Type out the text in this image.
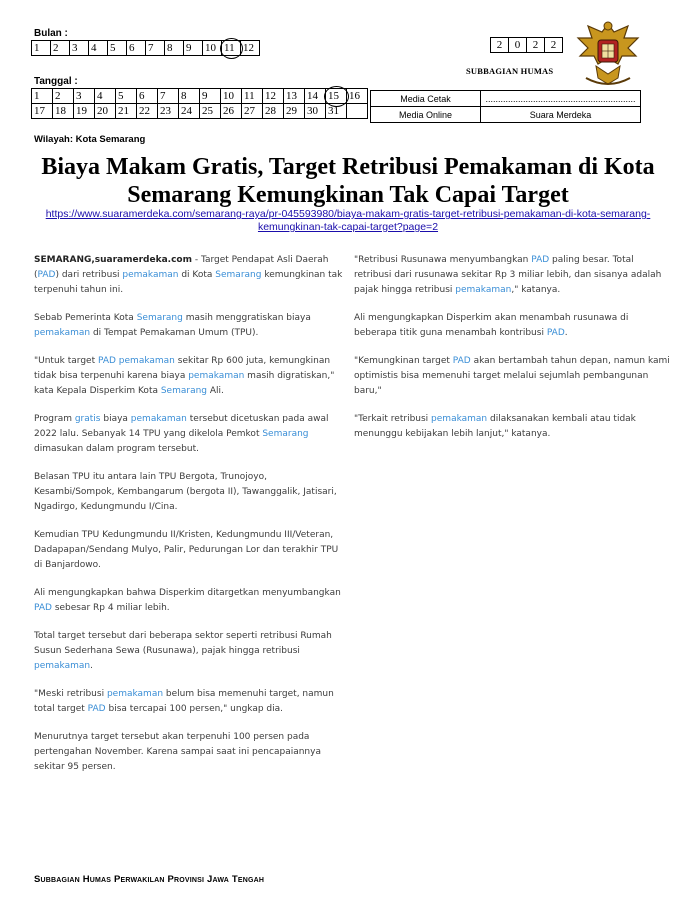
Bulan :
1	2	3	4	5	6	7	8	9	10	11	12
Tanggal :
1	2	3	4	5	6	7	8	9	10	11	12	13	14	15	16
17	18	19	20	21	22	23	24	25	26	27	28	29	30	31	
2	0	2	2
SUBBAGIAN HUMAS
Media Cetak	............................................................
Media Online	Suara Merdeka
Wilayah: Kota Semarang
Biaya Makam Gratis, Target Retribusi Pemakaman di Kota Semarang Kemungkinan Tak Capai Target
https://www.suaramerdeka.com/semarang-raya/pr-045593980/biaya-makam-gratis-target-retribusi-pemakaman-di-kota-semarang-kemungkinan-tak-capai-target?page=2

SEMARANG,suaramerdeka.com - Target Pendapat Asli Daerah (PAD) dari retribusi pemakaman di Kota Semarang kemungkinan tak terpenuhi tahun ini.

Sebab Pemerinta Kota Semarang masih menggratiskan biaya pemakaman di Tempat Pemakaman Umum (TPU).

"Untuk target PAD pemakaman sekitar Rp 600 juta, kemungkinan tidak bisa terpenuhi karena biaya pemakaman masih digratiskan," kata Kepala Disperkim Kota Semarang Ali.

Program gratis biaya pemakaman tersebut dicetuskan pada awal 2022 lalu. Sebanyak 14 TPU yang dikelola Pemkot Semarang dimasukan dalam program tersebut.

Belasan TPU itu antara lain TPU Bergota, Trunojoyo, Kesambi/Sompok, Kembangarum (bergota II), Tawanggalik, Jatisari, Ngadirgo, Kedungmundu I/Cina.

Kemudian TPU Kedungmundu II/Kristen, Kedungmundu III/Veteran, Dadapapan/Sendang Mulyo, Palir, Pedurungan Lor dan terakhir TPU di Banjardowo.

Ali mengungkapkan bahwa Disperkim ditargetkan menyumbangkan PAD sebesar Rp 4 miliar lebih.

Total target tersebut dari beberapa sektor seperti retribusi Rumah Susun Sederhana Sewa (Rusunawa), pajak hingga retribusi pemakaman.

"Meski retribusi pemakaman belum bisa memenuhi target, namun total target PAD bisa tercapai 100 persen," ungkap dia.

Menurutnya target tersebut akan terpenuhi 100 persen pada pertengahan November. Karena sampai saat ini pencapaiannya sekitar 95 persen.

"Retribusi Rusunawa menyumbangkan PAD paling besar. Total retribusi dari rusunawa sekitar Rp 3 miliar lebih, dan sisanya adalah pajak hingga retribusi pemakaman," katanya.

Ali mengungkapkan Disperkim akan menambah rusunawa di beberapa titik guna menambah kontribusi PAD.

"Kemungkinan target PAD akan bertambah tahun depan, namun kami optimistis bisa memenuhi target melalui sejumlah pembangunan baru,"

"Terkait retribusi pemakaman dilaksanakan kembali atau tidak menunggu kebijakan lebih lanjut," katanya.

Subbagian Humas Perwakilan Provinsi Jawa Tengah
